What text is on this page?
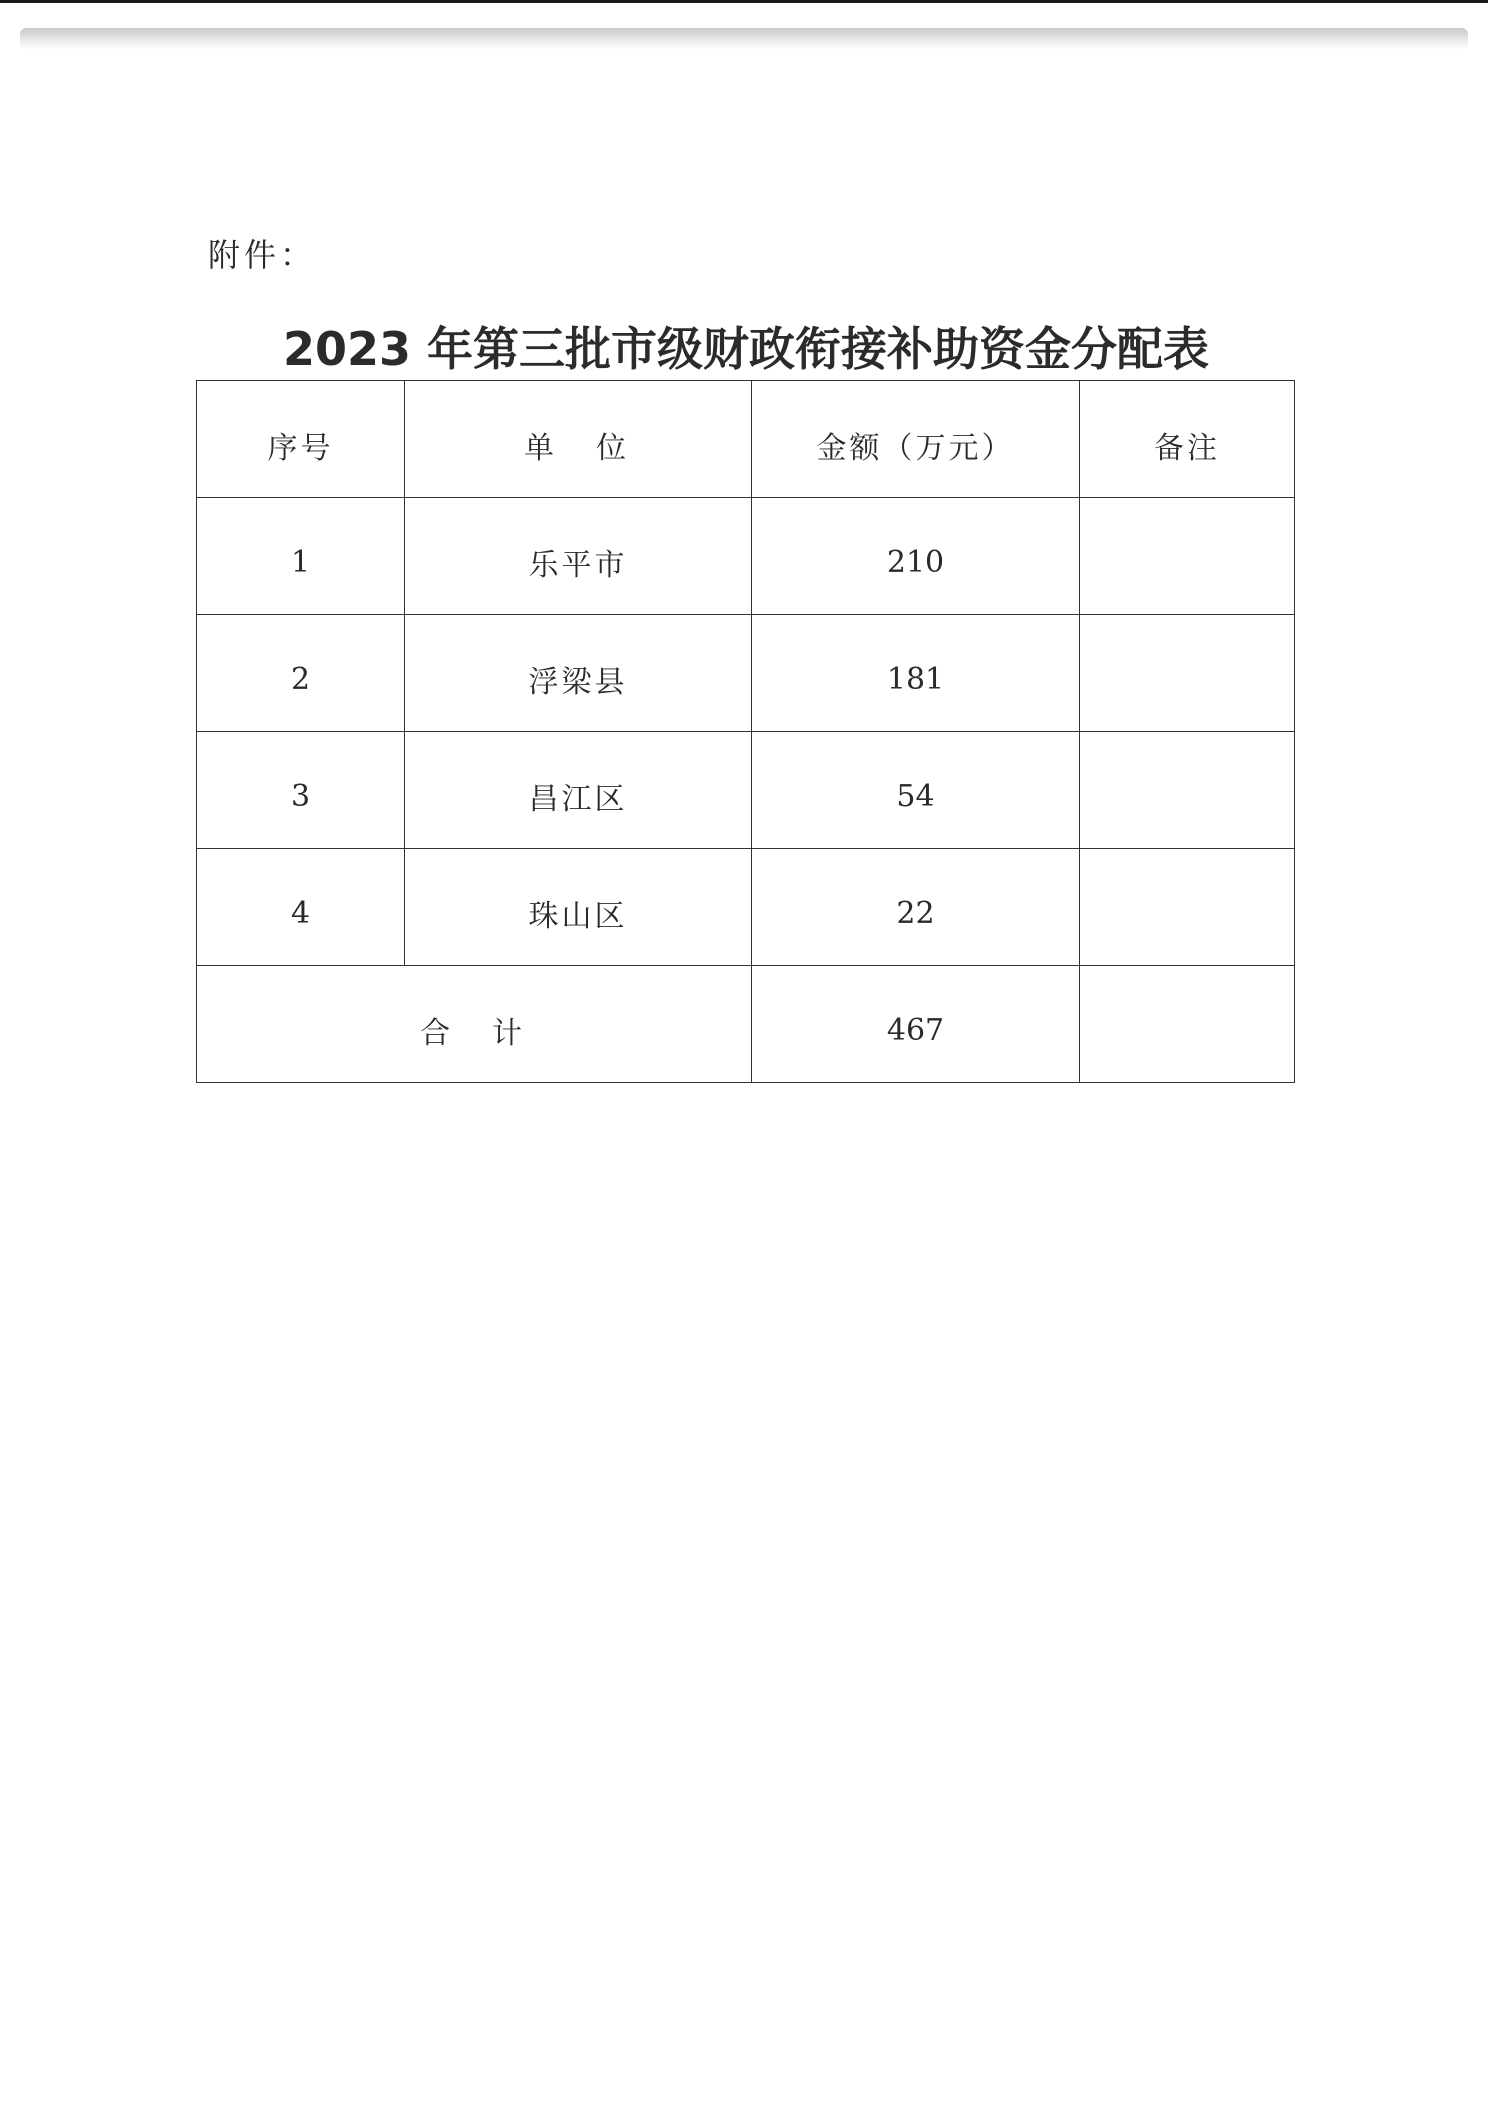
附件：
2023 年第三批市级财政衔接补助资金分配表
序号	单　位	金额（万元）	备注
1	乐平市	210	
2	浮梁县	181	
3	昌江区	54	
4	珠山区	22	
合　计		467	
